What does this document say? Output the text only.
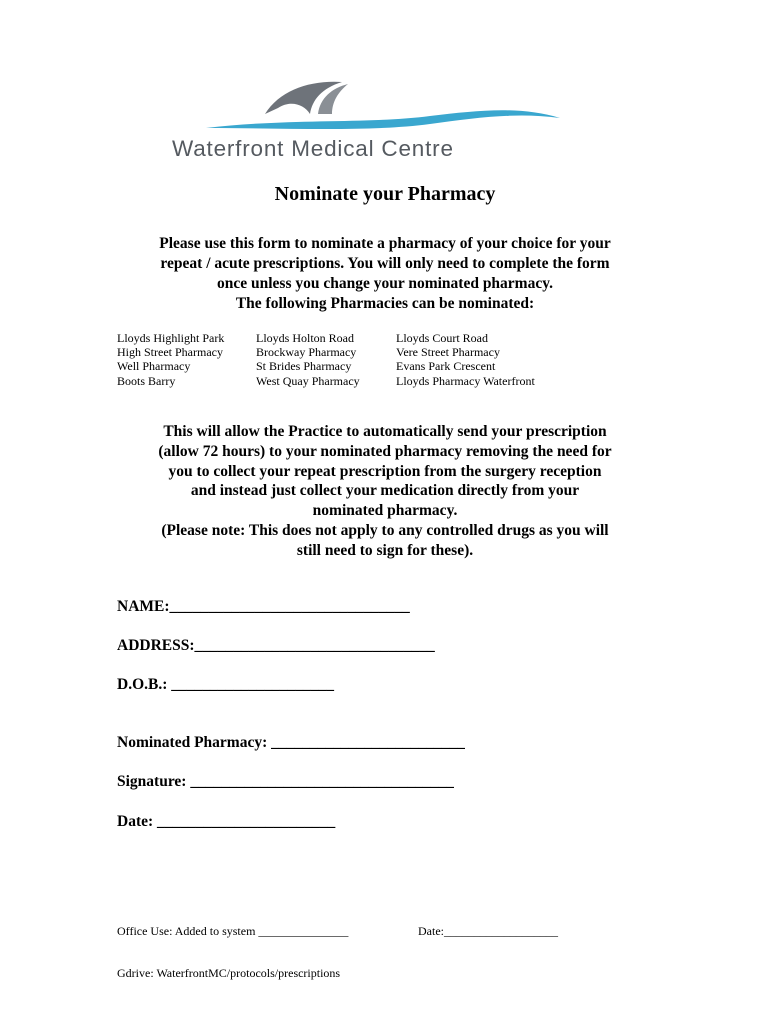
Waterfront Medical Centre
Nominate your Pharmacy
Please use this form to nominate a pharmacy of your choice for your
repeat / acute prescriptions. You will only need to complete the form
once unless you change your nominated pharmacy.
The following Pharmacies can be nominated:
Lloyds Highlight Park
High Street Pharmacy
Well Pharmacy
Boots Barry
Lloyds Holton Road
Brockway Pharmacy
St Brides Pharmacy
West Quay Pharmacy
Lloyds Court Road
Vere Street Pharmacy
Evans Park Crescent
Lloyds Pharmacy Waterfront
This will allow the Practice to automatically send your prescription
(allow 72 hours) to your nominated pharmacy removing the need for
you to collect your repeat prescription from the surgery reception
and instead just collect your medication directly from your
nominated pharmacy.
(Please note: This does not apply to any controlled drugs as you will
still need to sign for these).
NAME:_______________________________
ADDRESS:_______________________________
D.O.B.: _____________________
Nominated Pharmacy: _________________________
Signature: __________________________________
Date: _______________________
Office Use: Added to system _______________	Date:___________________
Gdrive: WaterfrontMC/protocols/prescriptions
